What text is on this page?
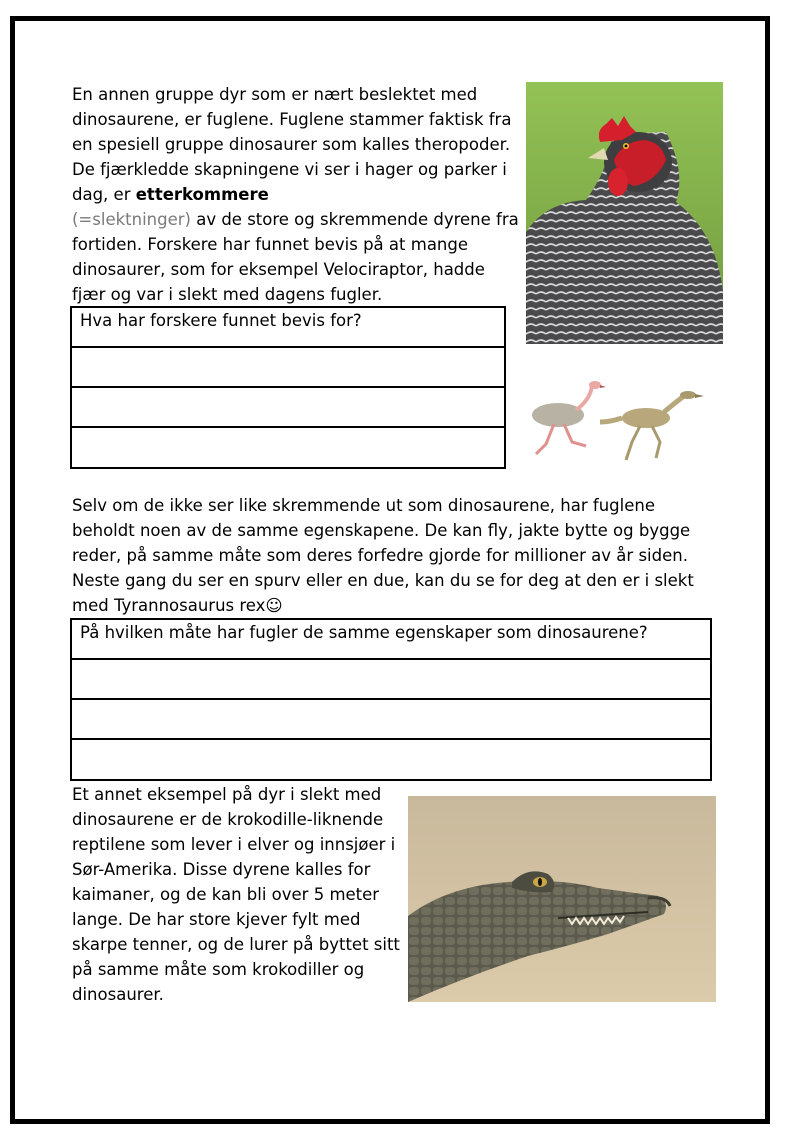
En annen gruppe dyr som er nært beslektet med dinosaurene, er fuglene. Fuglene stammer faktisk fra en spesiell gruppe dinosaurer som kalles theropoder. De fjærkledde skapningene vi ser i hager og parker i dag, er etterkommere
(=slektninger) av de store og skremmende dyrene fra fortiden. Forskere har funnet bevis på at mange dinosaurer, som for eksempel Velociraptor, hadde fjær og var i slekt med dagens fugler.

Hva har forskere funnet bevis for?

Selv om de ikke ser like skremmende ut som dinosaurene, har fuglene beholdt noen av de samme egenskapene. De kan fly, jakte bytte og bygge reder, på samme måte som deres forfedre gjorde for millioner av år siden. Neste gang du ser en spurv eller en due, kan du se for deg at den er i slekt med Tyrannosaurus rex☺

På hvilken måte har fugler de samme egenskaper som dinosaurene?

Et annet eksempel på dyr i slekt med dinosaurene er de krokodille-liknende reptilene som lever i elver og innsjøer i Sør-Amerika. Disse dyrene kalles for kaimaner, og de kan bli over 5 meter lange. De har store kjever fylt med skarpe tenner, og de lurer på byttet sitt på samme måte som krokodiller og dinosaurer.
